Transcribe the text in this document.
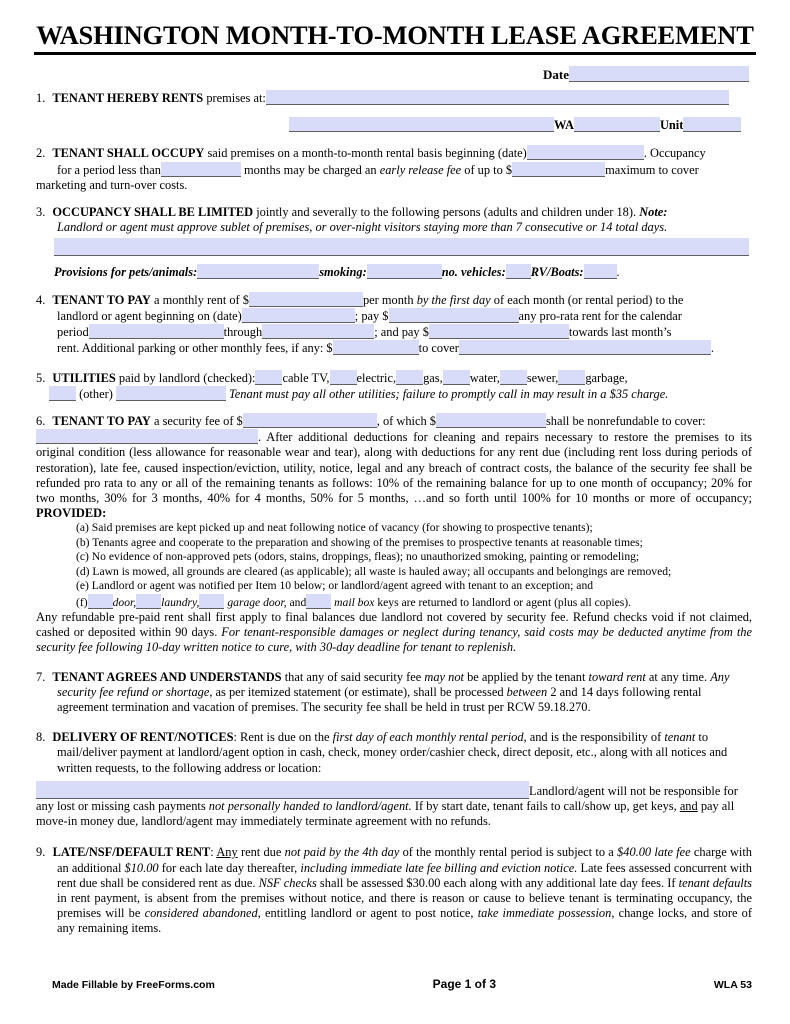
WASHINGTON MONTH-TO-MONTH LEASE AGREEMENT
Date
1. TENANT HEREBY RENTS premises at:
WA	Unit
2. TENANT SHALL OCCUPY said premises on a month-to-month rental basis beginning (date)	. Occupancy
for a period less than	months may be charged an early release fee of up to $	maximum to cover
marketing and turn-over costs.
3. OCCUPANCY SHALL BE LIMITED jointly and severally to the following persons (adults and children under 18). Note:
Landlord or agent must approve sublet of premises, or over-night visitors staying more than 7 consecutive or 14 total days.
Provisions for pets/animals:	smoking:	no. vehicles: RV/Boats:	.
4. TENANT TO PAY a monthly rent of $	per month by the first day of each month (or rental period) to the
landlord or agent beginning on (date)	; pay $	any pro-rata rent for the calendar
period	through	; and pay $	towards last month’s
rent. Additional parking or other monthly fees, if any: $	to cover	.
5. UTILITIES paid by landlord (checked): cable TV, electric, gas, water, sewer, garbage,
(other)	Tenant must pay all other utilities; failure to promptly call in may result in a $35 charge.
6. TENANT TO PAY a security fee of $	, of which $	shall be nonrefundable to cover:
. After additional deductions for cleaning and repairs necessary to restore the premises to its original condition (less allowance for reasonable wear and tear), along with deductions for any rent due (including rent loss during periods of restoration), late fee, caused inspection/eviction, utility, notice, legal and any breach of contract costs, the balance of the security fee shall be refunded pro rata to any or all of the remaining tenants as follows: 10% of the remaining balance for up to one month of occupancy; 20% for two months, 30% for 3 months, 40% for 4 months, 50% for 5 months, …and so forth until 100% for 10 months or more of occupancy; PROVIDED:
(a) Said premises are kept picked up and neat following notice of vacancy (for showing to prospective tenants);
(b) Tenants agree and cooperate to the preparation and showing of the premises to prospective tenants at reasonable times;
(c) No evidence of non-approved pets (odors, stains, droppings, fleas); no unauthorized smoking, painting or remodeling;
(d) Lawn is mowed, all grounds are cleared (as applicable); all waste is hauled away; all occupants and belongings are removed;
(e) Landlord or agent was notified per Item 10 below; or landlord/agent agreed with tenant to an exception; and
(f) door, laundry, garage door, and mail box keys are returned to landlord or agent (plus all copies).
Any refundable pre-paid rent shall first apply to final balances due landlord not covered by security fee. Refund checks void if not claimed, cashed or deposited within 90 days. For tenant-responsible damages or neglect during tenancy, said costs may be deducted anytime from the security fee following 10-day written notice to cure, with 30-day deadline for tenant to replenish.
7. TENANT AGREES AND UNDERSTANDS that any of said security fee may not be applied by the tenant toward rent at any time. Any security fee refund or shortage, as per itemized statement (or estimate), shall be processed between 2 and 14 days following rental agreement termination and vacation of premises. The security fee shall be held in trust per RCW 59.18.270.
8. DELIVERY OF RENT/NOTICES: Rent is due on the first day of each monthly rental period, and is the responsibility of tenant to mail/deliver payment at landlord/agent option in cash, check, money order/cashier check, direct deposit, etc., along with all notices and written requests, to the following address or location:
Landlord/agent will not be responsible for any lost or missing cash payments not personally handed to landlord/agent. If by start date, tenant fails to call/show up, get keys, and pay all move-in money due, landlord/agent may immediately terminate agreement with no refunds.
9. LATE/NSF/DEFAULT RENT: Any rent due not paid by the 4th day of the monthly rental period is subject to a $40.00 late fee charge with an additional $10.00 for each late day thereafter, including immediate late fee billing and eviction notice. Late fees assessed concurrent with rent due shall be considered rent as due. NSF checks shall be assessed $30.00 each along with any additional late day fees. If tenant defaults in rent payment, is absent from the premises without notice, and there is reason or cause to believe tenant is terminating occupancy, the premises will be considered abandoned, entitling landlord or agent to post notice, take immediate possession, change locks, and store of any remaining items.
Made Fillable by FreeForms.com	Page 1 of 3	WLA 53
